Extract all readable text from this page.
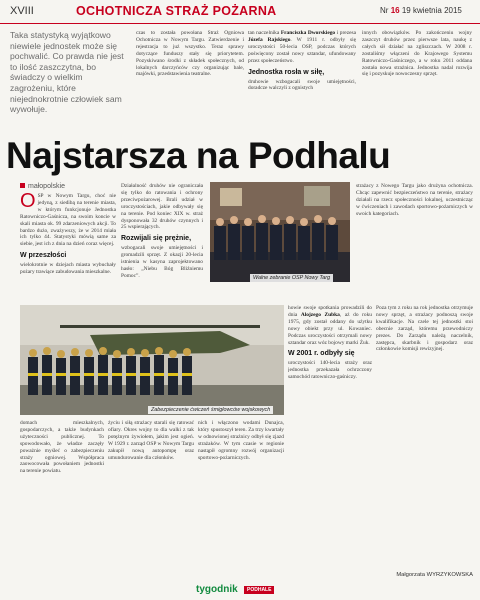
XVIII	OCHOTNICZA STRAŻ POŻARNA	Nr 16 19 kwietnia 2015

Taka statystyką wyjątkowo niewiele jednostek może się pochwalić. Co prawda nie jest to ilość zaszczytna, bo świadczy o wielkim zagrożeniu, które niejednokrotnie człowiek sam wywołuje.

czas to została powołana Straż Ogniowa Ochotnicza w Nowym Targu. Zatwierdzenie i rejestracja to już wszystko. Teraz sprawy dotyczące funduszy stały się priorytetem. Pozyskiwano środki z składek społecznych, od lokalnych darczyńców czy organizując bale, majówki, przedstawienia teatralne.
tan naczelnika Franciszka Dworskiego i prezesa Józefa Rajskiego. W 1911 r. odbyły się uroczystości 50-lecia OSP, podczas których poświęcony został nowy sztandar, ufundowany przez społeczeństwo.
Jednostka rosła w siłę,
druhowie wzbogacali swoje umiejętności, doradcze walczyli z ognistych
innych obowiązków. Po zakończeniu wojny zaszczyt druhów przez pierwsze lata, naukę z całych sił działać na zgliszczach. W 2008 r. zostaliśmy włączeni do Krajowego Systemu Ratowniczo-Gaśniczego, a w roku 2011 oddana została nowa strażnica. Jednostka nadal rozwija się i pozyskuje nowoczesny sprzęt.
Najstarsza na Podhalu
małopolskie
O SP w Nowym Targu, choć nie jedyną, z siedibą na terenie miasta, w którym funkcjonuje Jednostka Ratowniczo-Gaśnicza, na swoim koncie w skali miasta ok. 99 zdarzeniowych akcji. To bardzo dużo, zważywszy, że w 2014 miała ich tylko 44. Statystyki mówią same za siebie, jest ich z dnia na dzień coraz więcej.
W przeszłości
wielokrotnie w dziejach miasta wybuchały pożary trawiące zabudowania mieszkalne.
Działalność druhów nie ograniczała się tylko do ratowania i ochrony przeciwpożarowej. Brali udział w uroczystościach, jakie odbywały się na terenie. Pod koniec XIX w. straż dysponowała 32 druhów czynnych i 25 wspierających.
Rozwijali się prężnie,
wzbogacali swoje umiejętności i gromadzili sprzęt. Z okazji 20-lecia istnienia w kasyna zaprojektowano hasło: „Niebu Bóg Bliźniemu Pomoc”.	Walne zebranie OSP Nowy Targ
strażacy z Nowego Targu jako drużyna ochotnicza. Chcąc zapewnić bezpieczeństwo na terenie, strażacy działali na rzecz społeczności lokalnej, uczestnicząc w ćwiczeniach i zawodach sportowo-pożarniczych w swoich kategoriach.
Zabezpieczenie ćwiczeń śmigłowców wojskowych
domach mieszkalnych, gospodarczych, a także budynkach użyteczności publicznej. To spowodowało, że władze zaczęły poważnie myśleć o zabezpieczeniu straży ogniowej. Współpraca zaowocowała powołaniem jednostki na terenie powiatu.
życiu i siłą strażacy starali się ratować ofiary. Okres wojny to dla walki z tak potężnym żywiołem, jakim jest ogień. W 1929 r. zarząd OSP w Nowym Targu zakupił nową autopompę oraz umundurowanie dla członków.
nich i włączono wodami Dunajca, który spustoszył teren. Za trzy kwartały w odnowionej strażnicy odbył się zjazd strażaków. W tym czasie w regionie nastąpił ogromny rozwój organizacji sportowo-pożarniczych.
howie swoje spotkania prowadzili do dnia Alojzego Zubka, aż do roku 1975, gdy został oddany do użytku nowy obiekt przy ul. Kowaniec. Podczas uroczystości otrzymali nowy sztandar oraz wóz bojowy marki Żuk.
W 2001 r. odbyły się
uroczystości 140-lecia straży oraz jednostka przekazała ochrzczony samochód ratowniczo-gaśniczy.
Poza tym z roku na rok jednostka otrzymuje nowy sprzęt, a strażacy podnoszą swoje kwalifikacje. Na czele tej jednostki stoi obecnie zarząd, któremu przewodniczy prezes. Do Zarządu należą naczelnik, zastępca, skarbnik i gospodarz oraz członkowie komisji rewizyjnej.
Małgorzata WYRZYKOWSKA
tygodnik	PODHALE
